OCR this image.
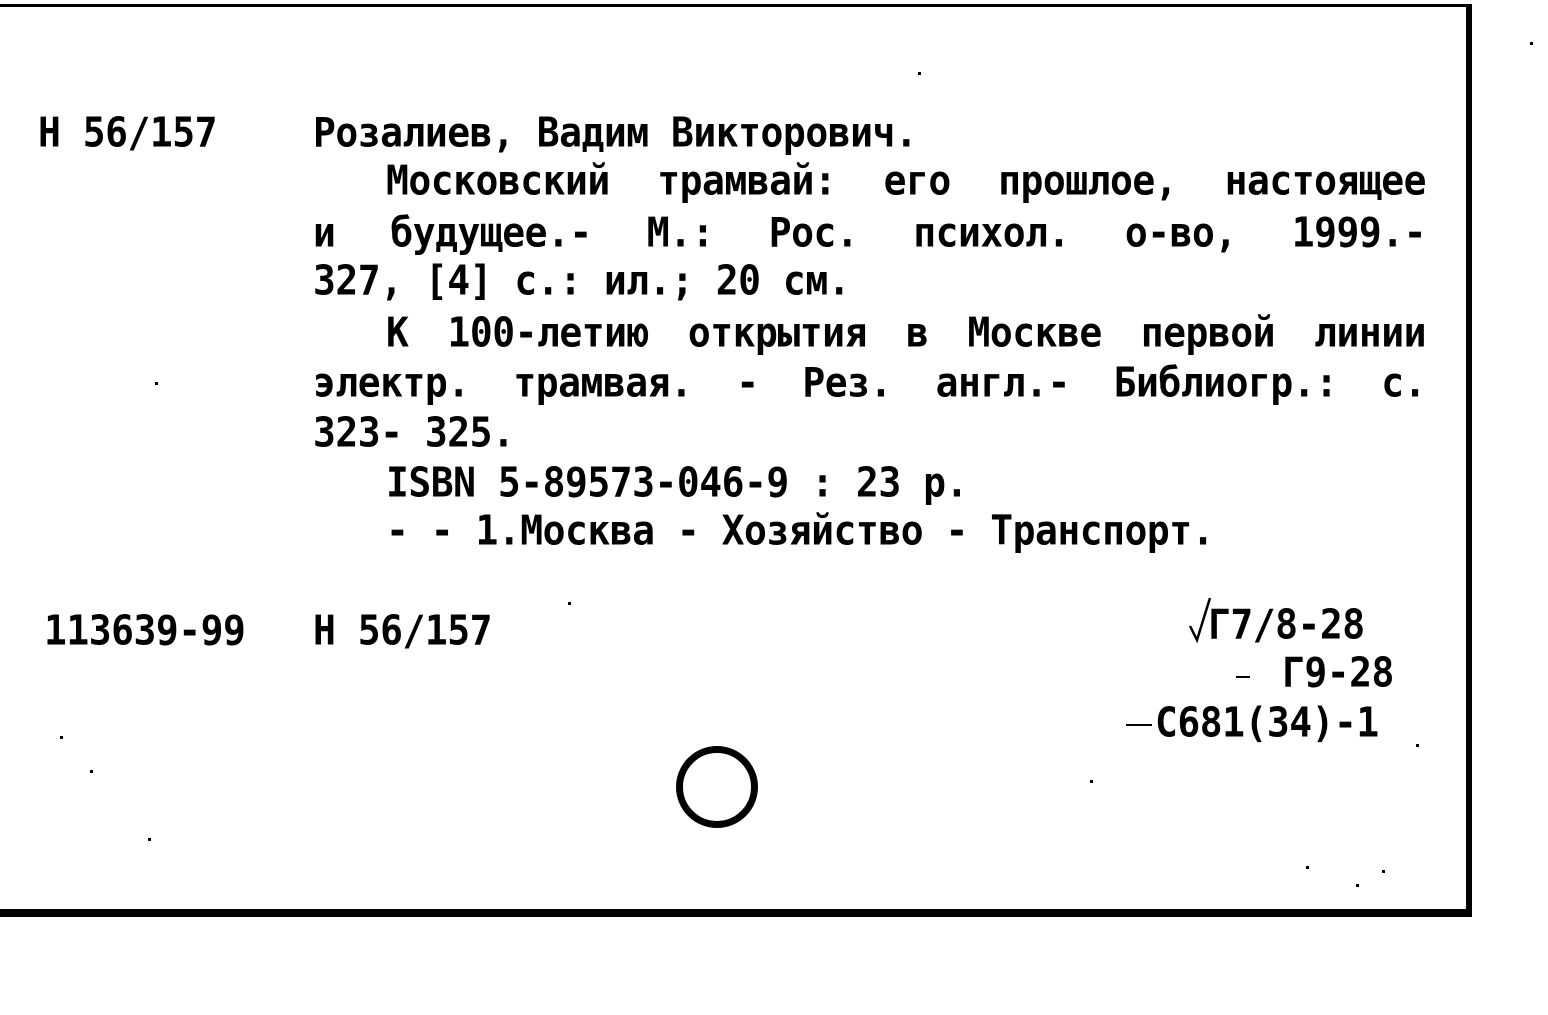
Н 56/157	Розалиев, Вадим Викторович.
Московский трамвай: его прошлое, настоящее
и будущее.- М.: Рос. психол. о-во, 1999.-
327, [4] с.: ил.; 20 см.
К 100-летию открытия в Москве первой линии
электр. трамвая. - Рез. англ.- Библиогр.: с.
323- 325.
ISBN 5-89573-046-9 : 23 р.
- - 1.Москва - Хозяйство - Транспорт.
113639-99 Н 56/157	Г7/8-28
Г9-28
С681(34)-1
